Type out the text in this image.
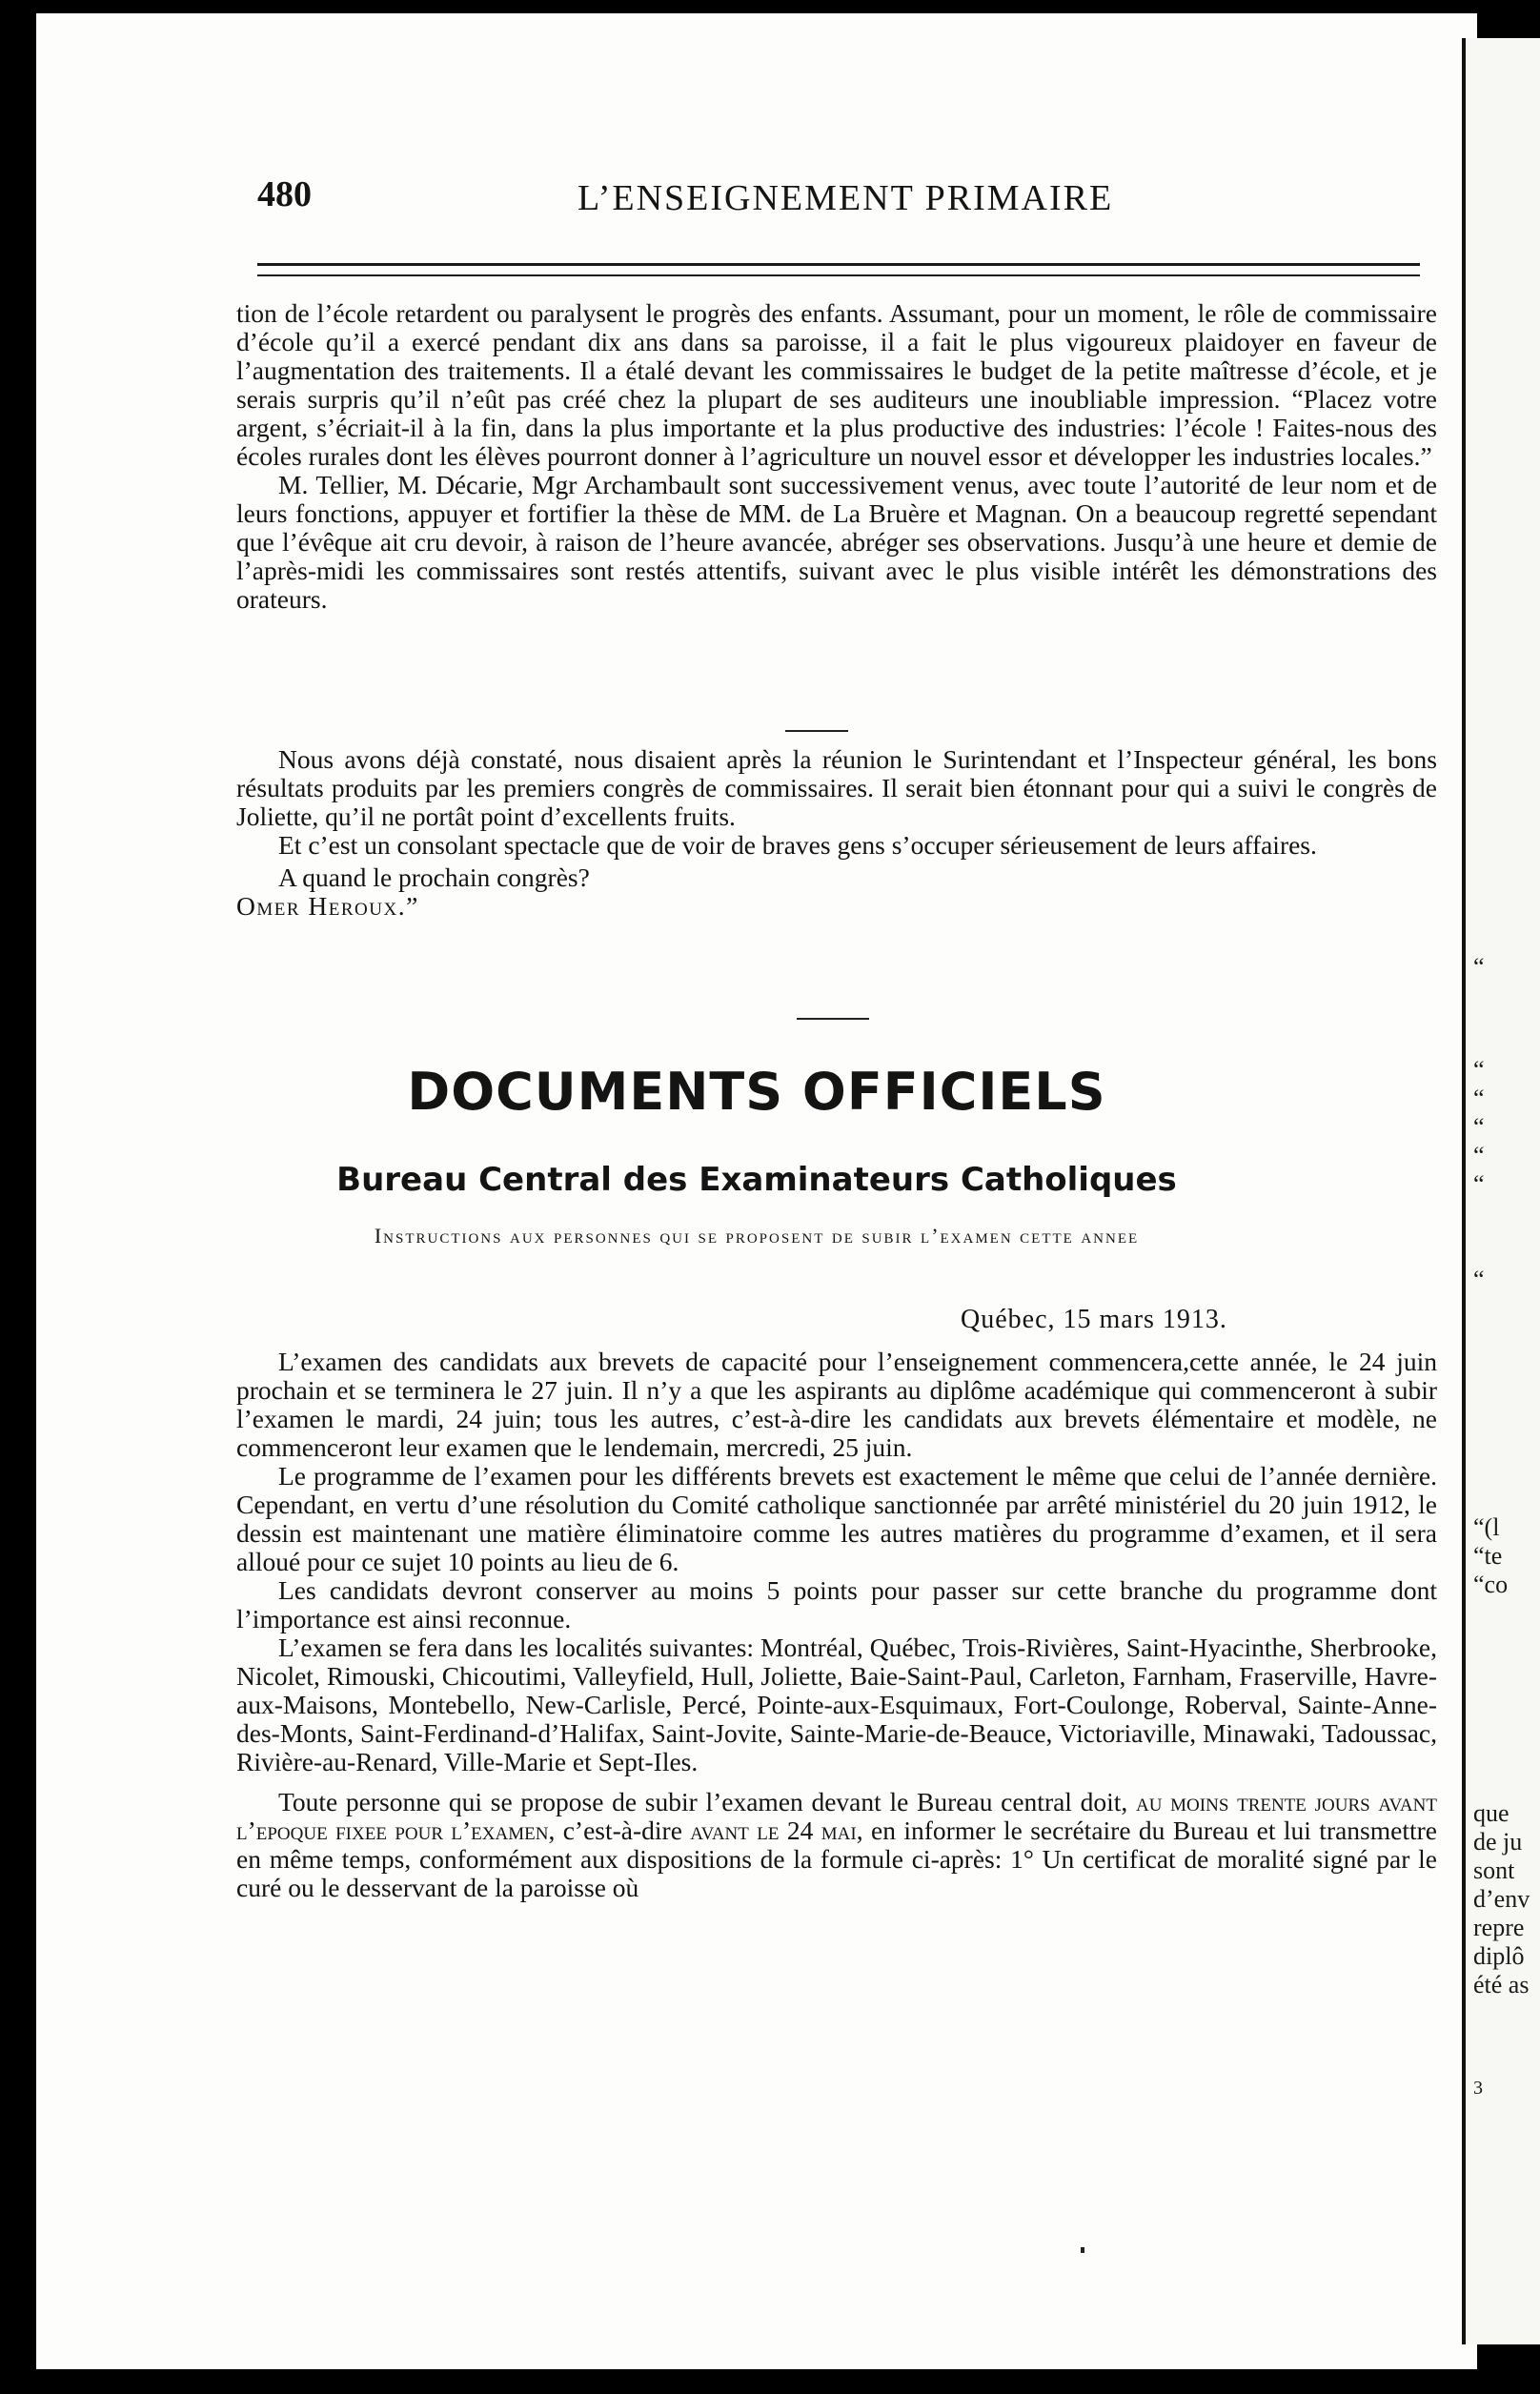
480	L’ENSEIGNEMENT PRIMAIRE

tion de l’école retardent ou paralysent le progrès des enfants. Assumant, pour un moment, le rôle de commissaire d’école qu’il a exercé pendant dix ans dans sa paroisse, il a fait le plus vigoureux plaidoyer en faveur de l’augmentation des traitements. Il a étalé devant les commissaires le budget de la petite maîtresse d’école, et je serais surpris qu’il n’eût pas créé chez la plupart de ses auditeurs une inoubliable impression. “Placez votre argent, s’écriait-il à la fin, dans la plus importante et la plus productive des industries: l’école ! Faites-nous des écoles rurales dont les élèves pourront donner à l’agriculture un nouvel essor et développer les industries locales.”

M. Tellier, M. Décarie, Mgr Archambault sont successivement venus, avec toute l’autorité de leur nom et de leurs fonctions, appuyer et fortifier la thèse de MM. de La Bruère et Magnan. On a beaucoup regretté sependant que l’évêque ait cru devoir, à raison de l’heure avancée, abréger ses observations. Jusqu’à une heure et demie de l’après-midi les commissaires sont restés attentifs, suivant avec le plus visible intérêt les démonstrations des orateurs.

Nous avons déjà constaté, nous disaient après la réunion le Surintendant et l’Inspecteur général, les bons résultats produits par les premiers congrès de commissaires. Il serait bien étonnant pour qui a suivi le congrès de Joliette, qu’il ne portât point d’excellents fruits.

Et c’est un consolant spectacle que de voir de braves gens s’occuper sérieusement de leurs affaires.

A quand le prochain congrès?

Omer Heroux.”

DOCUMENTS OFFICIELS
Bureau Central des Examinateurs Catholiques
Instructions aux personnes qui se proposent de subir l’examen cette annee
Québec, 15 mars 1913.

L’examen des candidats aux brevets de capacité pour l’enseignement commencera,cette année, le 24 juin prochain et se terminera le 27 juin. Il n’y a que les aspirants au diplôme académique qui commenceront à subir l’examen le mardi, 24 juin; tous les autres, c’est-à-dire les candidats aux brevets élémentaire et modèle, ne commenceront leur examen que le lendemain, mercredi, 25 juin.

Le programme de l’examen pour les différents brevets est exactement le même que celui de l’année dernière. Cependant, en vertu d’une résolution du Comité catholique sanctionnée par arrêté ministériel du 20 juin 1912, le dessin est maintenant une matière éliminatoire comme les autres matières du programme d’examen, et il sera alloué pour ce sujet 10 points au lieu de 6.

Les candidats devront conserver au moins 5 points pour passer sur cette branche du programme dont l’importance est ainsi reconnue.

L’examen se fera dans les localités suivantes: Montréal, Québec, Trois-Rivières, Saint-Hyacinthe, Sherbrooke, Nicolet, Rimouski, Chicoutimi, Valleyfield, Hull, Joliette, Baie-Saint-Paul, Carleton, Farnham, Fraserville, Havre-aux-Maisons, Montebello, New-Carlisle, Percé, Pointe-aux-Esquimaux, Fort-Coulonge, Roberval, Sainte-Anne-des-Monts, Saint-Ferdinand-d’Halifax, Saint-Jovite, Sainte-Marie-de-Beauce, Victoriaville, Minawaki, Tadoussac, Rivière-au-Renard, Ville-Marie et Sept-Iles.

Toute personne qui se propose de subir l’examen devant le Bureau central doit, au moins trente jours avant l’epoque fixee pour l’examen, c’est-à-dire avant le 24 mai, en informer le secrétaire du Bureau et lui transmettre en même temps, conformément aux dispositions de la formule ci-après: 1° Un certificat de moralité signé par le curé ou le desservant de la paroisse où

“
“
“
“
“
“
“
“(l
“te
“co
que
de ju
sont
d’env
repre
diplô
été as
3
